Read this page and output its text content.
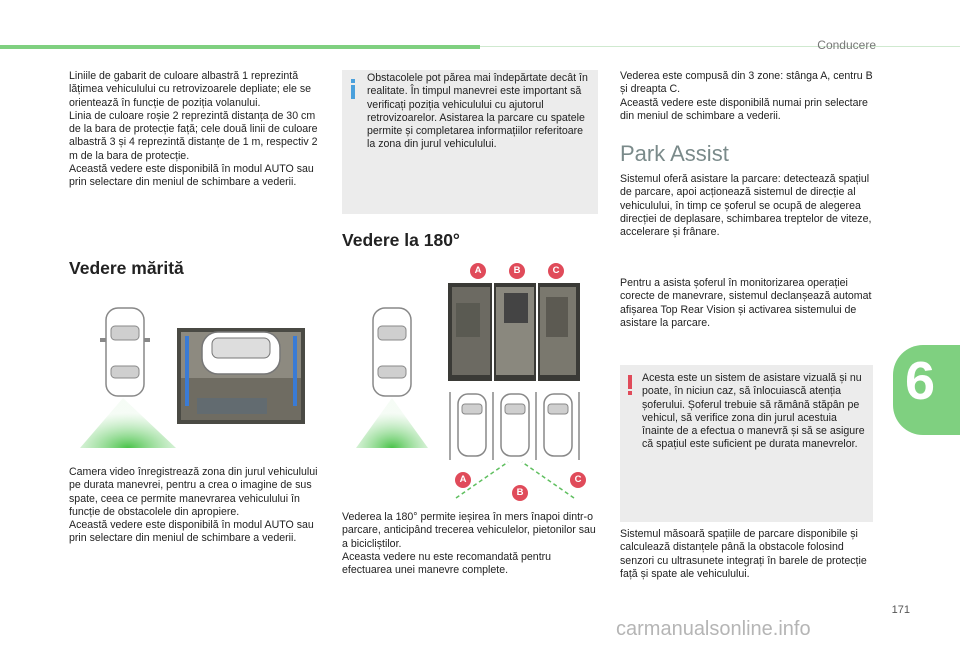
Conducere
Liniile de gabarit de culoare albastră 1 reprezintă lățimea vehiculului cu retrovizoarele depliate; ele se orientează în funcție de poziția volanului.
Linia de culoare roșie 2 reprezintă distanța de 30 cm de la bara de protecție față; cele două linii de culoare albastră 3 și 4 reprezintă distanțe de 1 m, respectiv 2 m de la bara de protecție.
Această vedere este disponibilă în modul AUTO sau prin selectare din meniul de schimbare a vederii.
Vedere mărită
Camera video înregistrează zona din jurul vehiculului pe durata manevrei, pentru a crea o imagine de sus spate, ceea ce permite manevrarea vehiculului în funcție de obstacolele din apropiere.
Această vedere este disponibilă în modul AUTO sau prin selectare din meniul de schimbare a vederii.
Obstacolele pot părea mai îndepărtate decât în realitate. În timpul manevrei este important să verificați poziția vehiculului cu ajutorul retrovizoarelor. Asistarea la parcare cu spatele permite și completarea informațiilor referitoare la zona din jurul vehiculului.
Vedere la 180°
A	B	C
A	C
B
Vederea la 180° permite ieșirea în mers înapoi dintr-o parcare, anticipând trecerea vehiculelor, pietonilor sau a bicicliștilor.
Aceasta vedere nu este recomandată pentru efectuarea unei manevre complete.
Vederea este compusă din 3 zone: stânga A, centru B și dreapta C.
Această vedere este disponibilă numai prin selectare din meniul de schimbare a vederii.
Park Assist
Sistemul oferă asistare la parcare: detectează spațiul de parcare, apoi acționează sistemul de direcție al vehiculului, în timp ce șoferul se ocupă de alegerea direcției de deplasare, schimbarea treptelor de viteze, accelerare și frânare.
Pentru a asista șoferul în monitorizarea operației corecte de manevrare, sistemul declanșează automat afișarea Top Rear Vision și activarea sistemului de asistare la parcare.
Acesta este un sistem de asistare vizuală și nu poate, în niciun caz, să înlocuiască atenția șoferului. Șoferul trebuie să rămână stăpân pe vehicul, să verifice zona din jurul acestuia înainte de a efectua o manevră și să se asigure că spațiul este suficient pe durata manevrelor.
Sistemul măsoară spațiile de parcare disponibile și calculează distanțele până la obstacole folosind senzori cu ultrasunete integrați în barele de protecție față și spate ale vehiculului.
6
171
carmanualsonline.info
